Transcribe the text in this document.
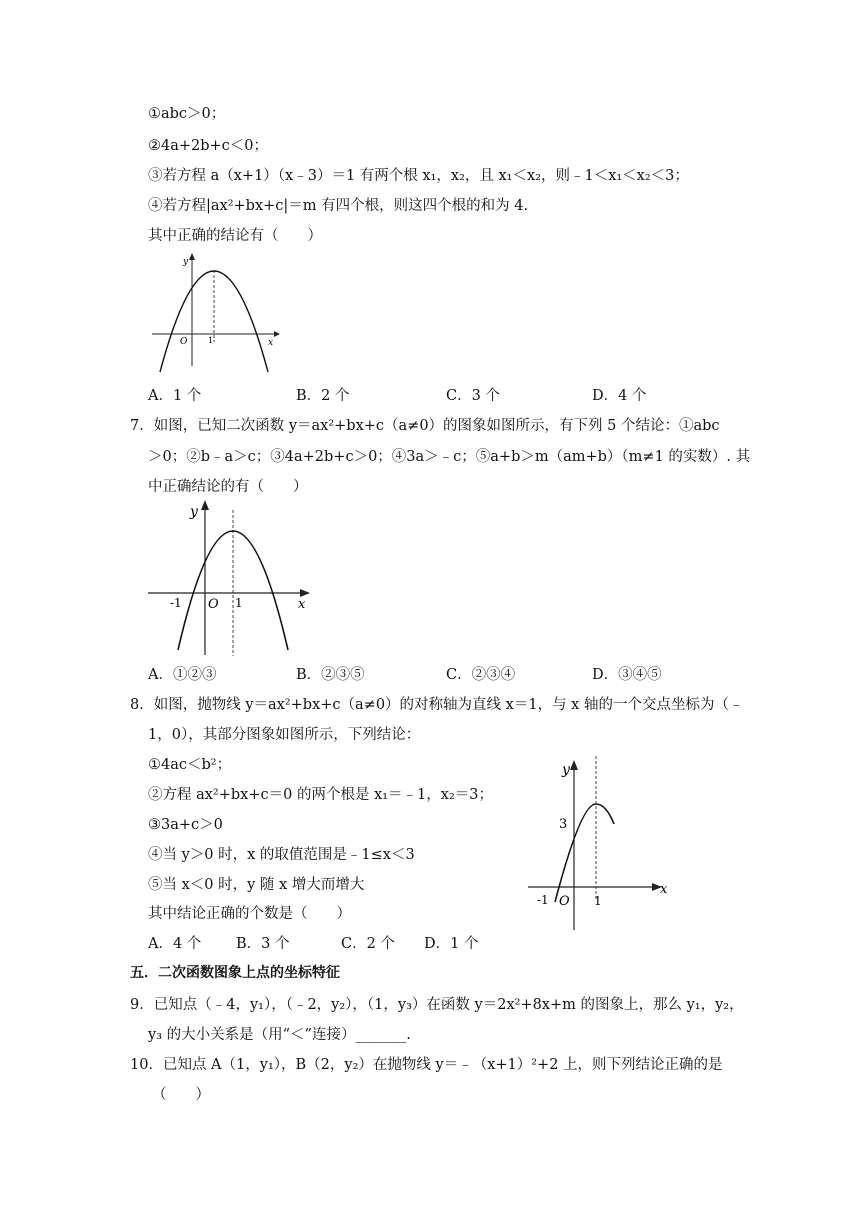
①abc＞0；
②4a+2b+c＜0；
③若方程 a（x+1）（x﹣3）＝1 有两个根 x₁，x₂，且 x₁＜x₂，则﹣1＜x₁＜x₂＜3；
④若方程|ax²+bx+c|＝m 有四个根，则这四个根的和为 4.
其中正确的结论有（　　）
y
x
O	1
A．1 个	B．2 个	C．3 个	D．4 个
7．如图，已知二次函数 y＝ax²+bx+c（a≠0）的图象如图所示，有下列 5 个结论：①abc
＞0；②b﹣a＞c；③4a+2b+c＞0；④3a＞﹣c；⑤a+b＞m（am+b）（m≠1 的实数）. 其
中正确结论的有（　　）
y
x
O 1
-1
A．①②③	B．②③⑤	C．②③④	D．③④⑤
8．如图，抛物线 y＝ax²+bx+c（a≠0）的对称轴为直线 x＝1，与 x 轴的一个交点坐标为（﹣
1，0），其部分图象如图所示，下列结论：
①4ac＜b²；
②方程 ax²+bx+c＝0 的两个根是 x₁＝﹣1，x₂＝3；
③3a+c＞0
④当 y＞0 时，x 的取值范围是﹣1≤x＜3
⑤当 x＜0 时，y 随 x 增大而增大
其中结论正确的个数是（　　）
y
x
O 1
-1
3
A．4 个 B．3 个	C．2 个 D．1 个
五．二次函数图象上点的坐标特征
9．已知点（﹣4，y₁），（﹣2，y₂），（1，y₃）在函数 y＝2x²+8x+m 的图象上，那么 y₁，y₂，
y₃ 的大小关系是（用“＜”连接）_______.
10．已知点 A（1，y₁），B（2，y₂）在抛物线 y＝﹣（x+1）²+2 上，则下列结论正确的是
（　　）
